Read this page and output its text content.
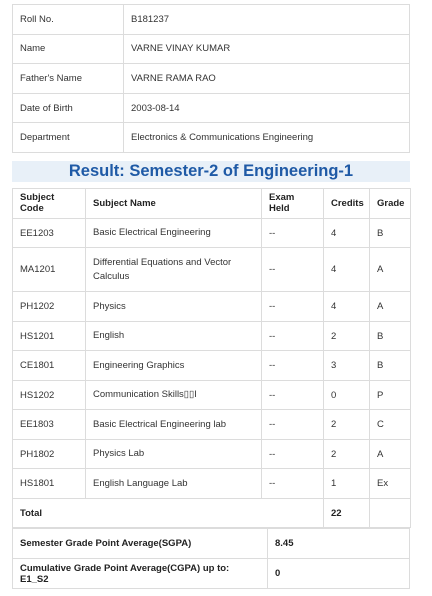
Roll No.	B181237
Name	VARNE VINAY KUMAR
Father's Name	VARNE RAMA RAO
Date of Birth	2003-08-14
Department	Electronics & Communications Engineering
Result: Semester-2 of Engineering-1
Subject Code	Subject Name	Exam Held	Credits	Grade
EE1203	Basic Electrical Engineering	--	4	B
MA1201	Differential Equations and Vector Calculus	--	4	A
PH1202	Physics	--	4	A
HS1201	English	--	2	B
CE1801	Engineering Graphics	--	3	B
HS1202	Communication Skills▯▯I	--	0	P
EE1803	Basic Electrical Engineering lab	--	2	C
PH1802	Physics Lab	--	2	A
HS1801	English Language Lab	--	1	Ex
Total			22	
Semester Grade Point Average(SGPA)	8.45
Cumulative Grade Point Average(CGPA) up to: E1_S2	0
